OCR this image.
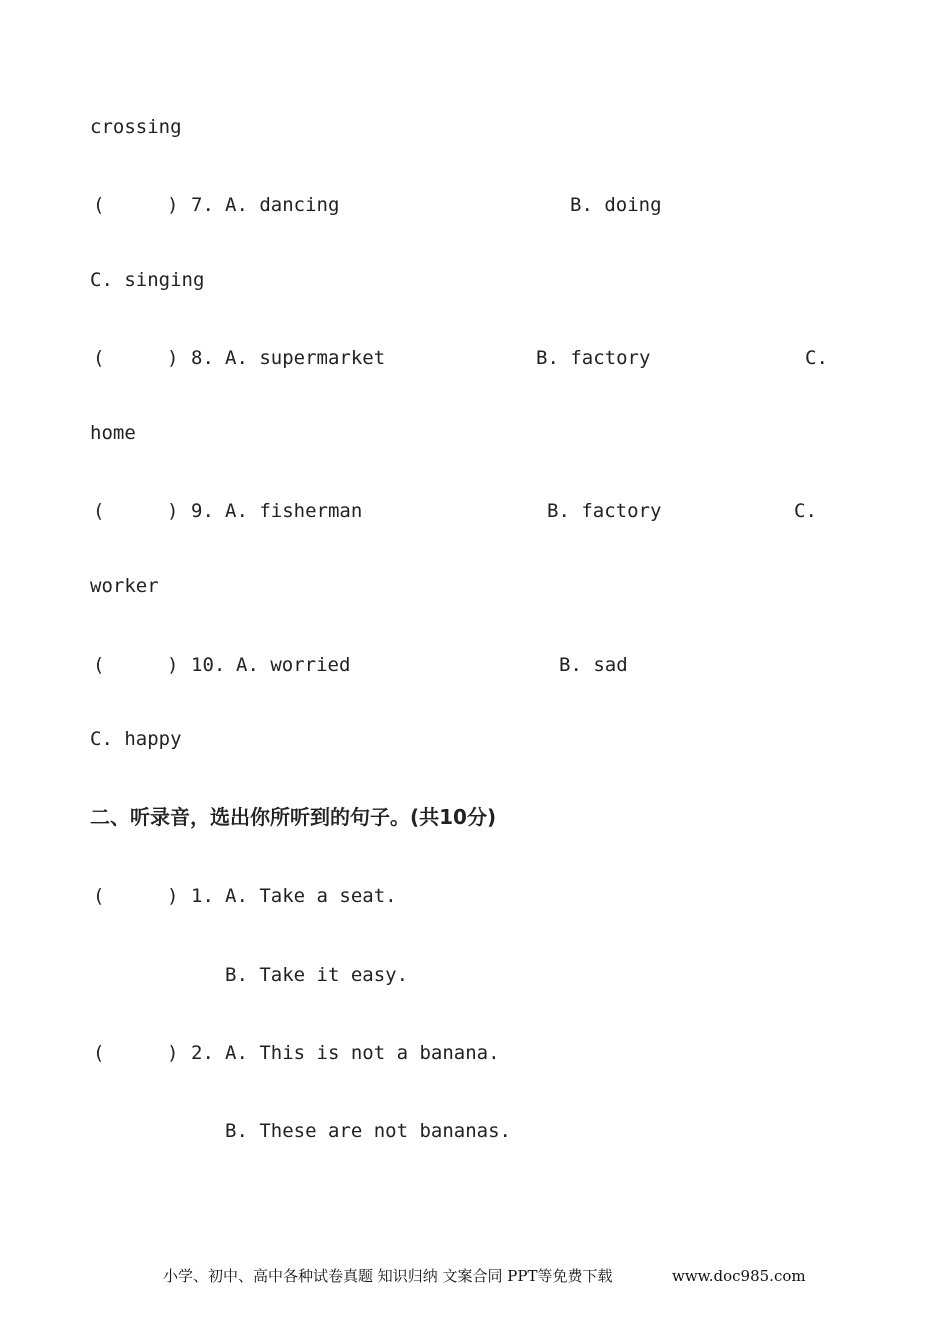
crossing
(	) 7. A. dancing	B. doing
C. singing
(	) 8. A. supermarket	B. factory	C.
home
(	) 9. A. fisherman	B. factory	C.
worker
(	) 10. A. worried	B. sad
C. happy
二、听录音，选出你所听到的句子。(共10分)
(	) 1. A. Take a seat.
B. Take it easy.
(	) 2. A. This is not a banana.
B. These are not bananas.
小学、初中、高中各种试卷真题 知识归纳 文案合同 PPT等免费下载	www.doc985.com
